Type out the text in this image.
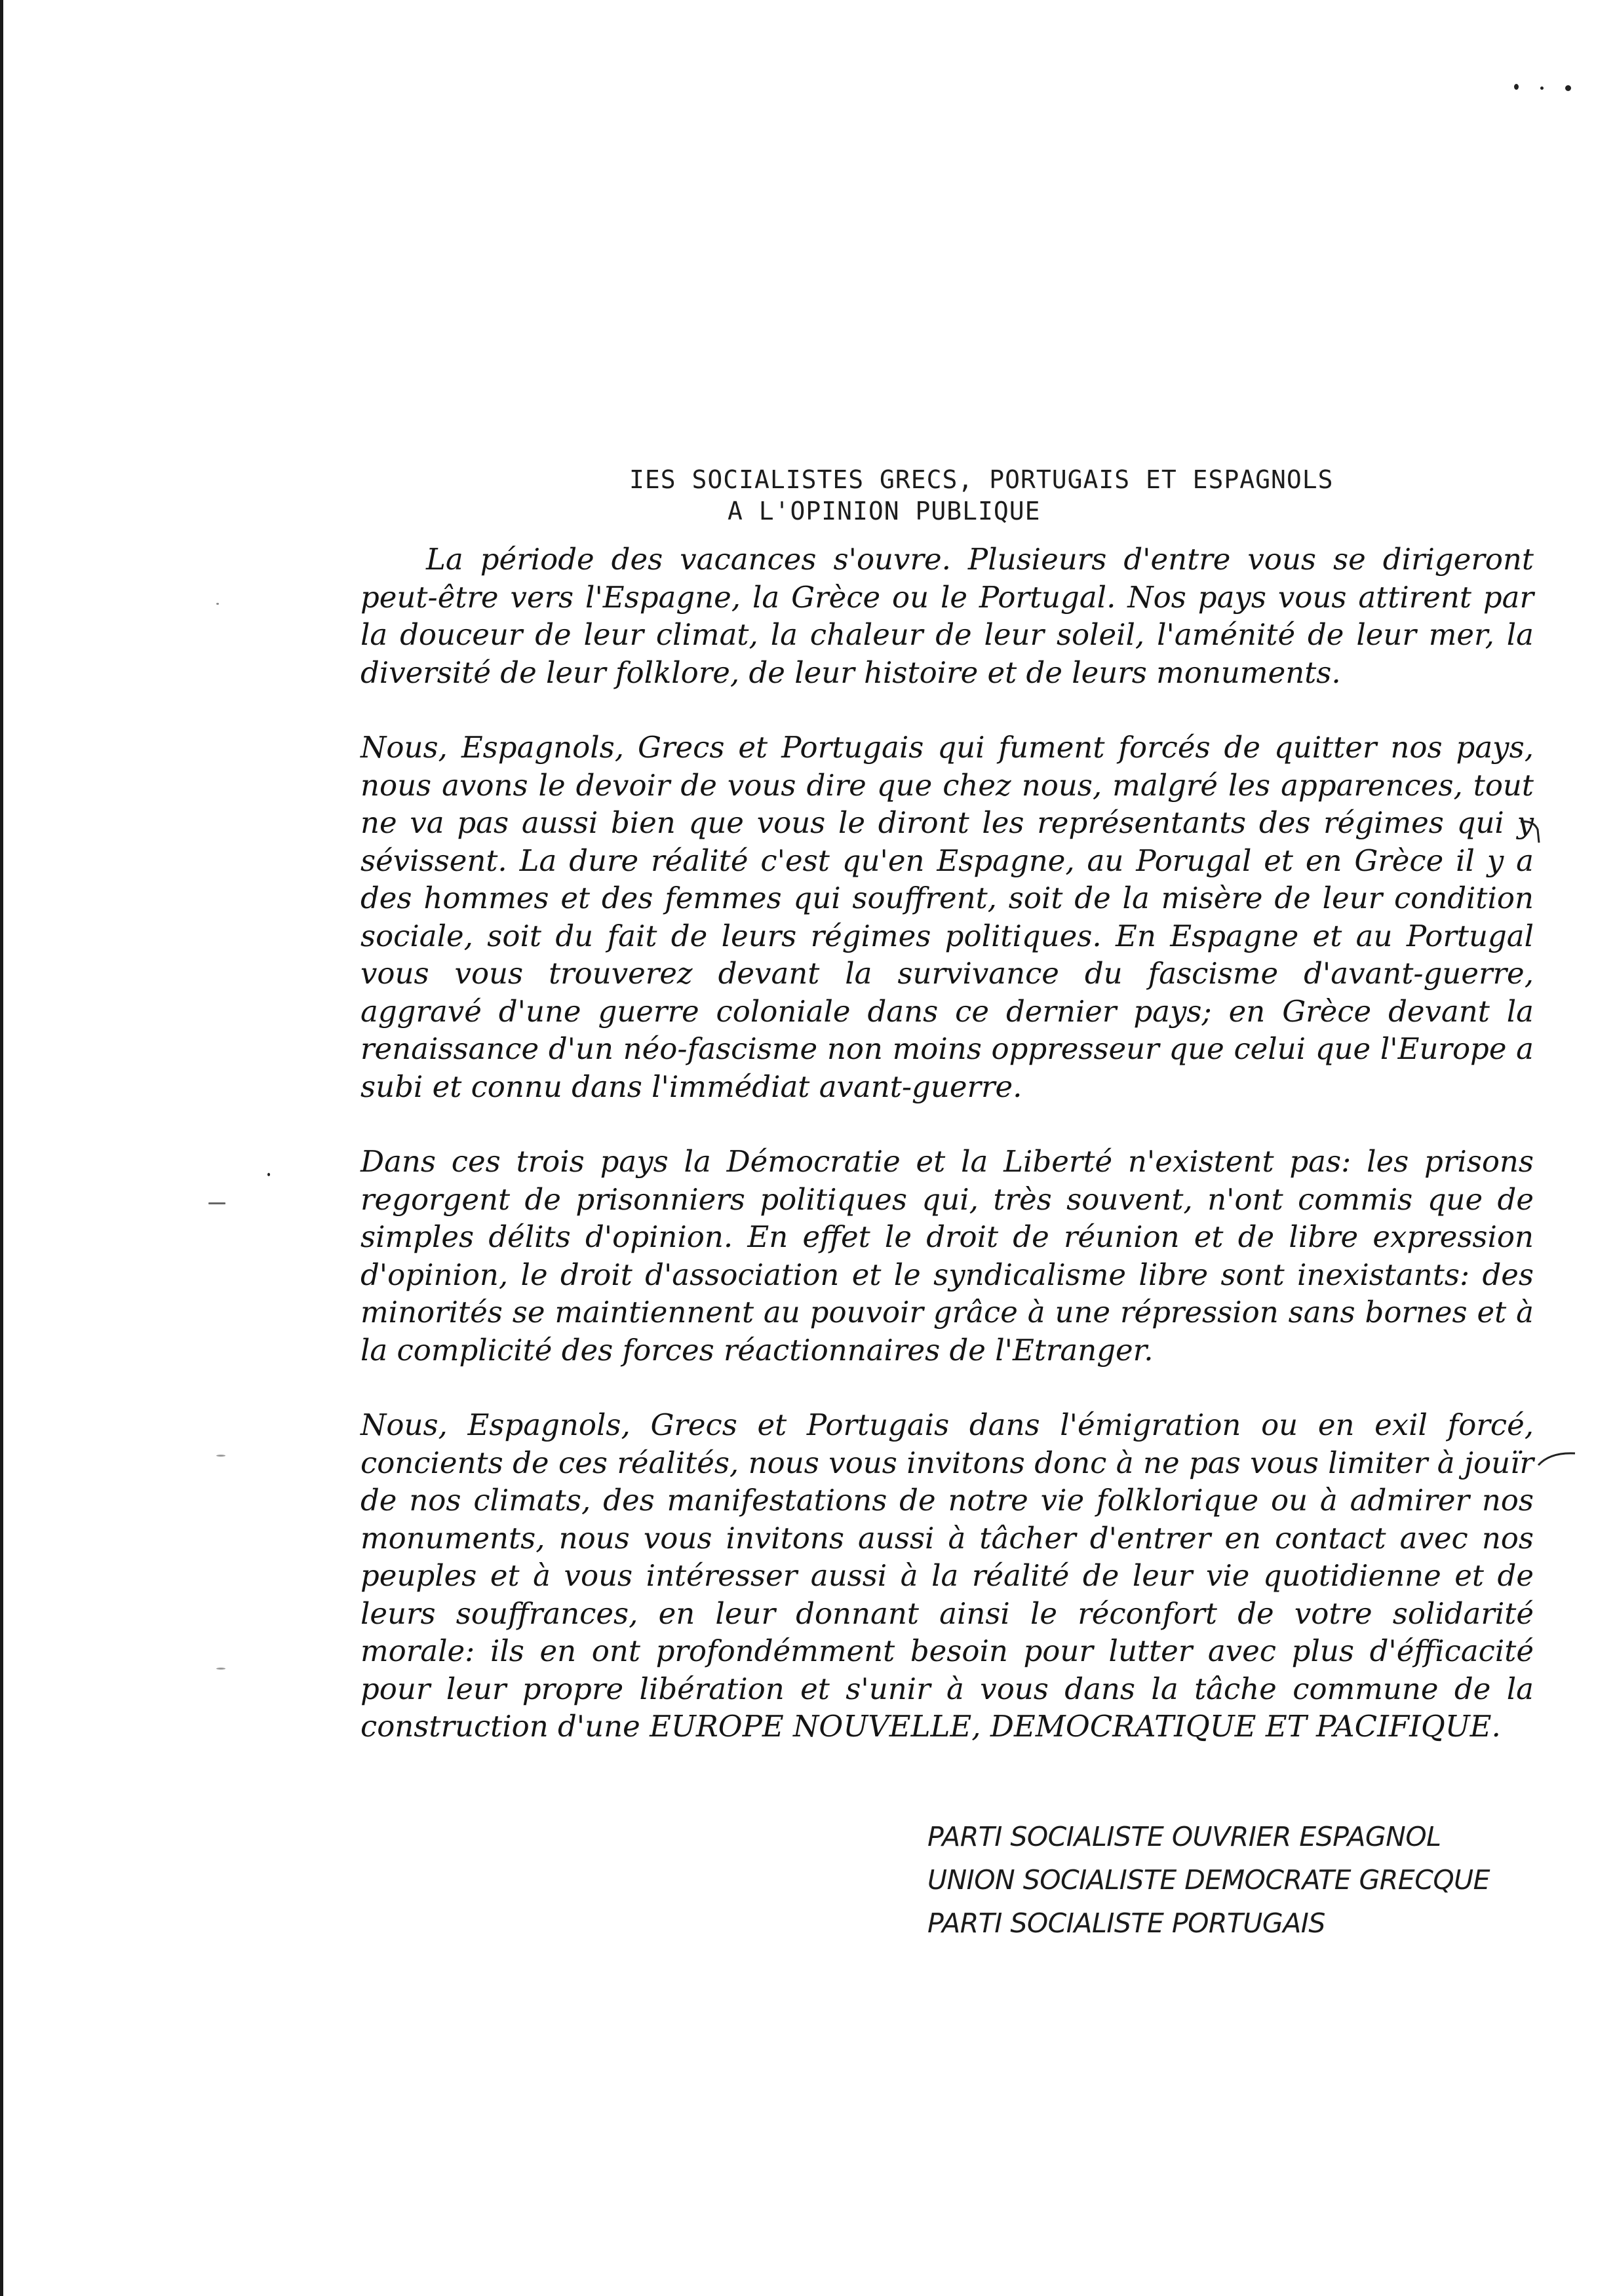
IES SOCIALISTES GRECS, PORTUGAIS ET ESPAGNOLS
A L'OPINION PUBLIQUE

La période des vacances s'ouvre. Plusieurs d'entre vous se dirigeront peut-être vers l'Espagne, la Grèce ou le Portugal. Nos pays vous attirent par la douceur de leur climat, la chaleur de leur soleil, l'aménité de leur mer, la diversité de leur folklore, de leur histoire et de leurs monuments.

Nous, Espagnols, Grecs et Portugais qui fument forcés de quitter nos pays, nous avons le devoir de vous dire que chez nous, malgré les apparences, tout ne va pas aussi bien que vous le diront les représentants des régimes qui y sévissent. La dure réalité c'est qu'en Espagne, au Porugal et en Grèce il y a des hommes et des femmes qui souffrent, soit de la misère de leur condition sociale, soit du fait de leurs régimes politiques. En Espagne et au Portugal vous vous trouverez devant la survivance du fascisme d'avant-guerre, aggravé d'une guerre coloniale dans ce dernier pays; en Grèce devant la renaissance d'un néo-fascisme non moins oppresseur que celui que l'Europe a subi et connu dans l'immédiat avant-guerre.

Dans ces trois pays la Démocratie et la Liberté n'existent pas: les prisons regorgent de prisonniers politiques qui, très souvent, n'ont commis que de simples délits d'opinion. En effet le droit de réunion et de libre expression d'opinion, le droit d'association et le syndicalisme libre sont inexistants: des minorités se maintiennent au pouvoir grâce à une répression sans bornes et à la complicité des forces réactionnaires de l'Etranger.

Nous, Espagnols, Grecs et Portugais dans l'émigration ou en exil forcé, concients de ces réalités, nous vous invitons donc à ne pas vous limiter à jouïr de nos climats, des manifestations de notre vie folklorique ou à admirer nos monuments, nous vous invitons aussi à tâcher d'entrer en contact avec nos peuples et à vous intéresser aussi à la réalité de leur vie quotidienne et de leurs souffrances, en leur donnant ainsi le réconfort de votre solidarité morale: ils en ont profondémment besoin pour lutter avec plus d'éfficacité pour leur propre libération et s'unir à vous dans la tâche commune de la construction d'une EUROPE NOUVELLE, DEMOCRATIQUE ET PACIFIQUE.

PARTI SOCIALISTE OUVRIER ESPAGNOL
UNION SOCIALISTE DEMOCRATE GRECQUE
PARTI SOCIALISTE PORTUGAIS
